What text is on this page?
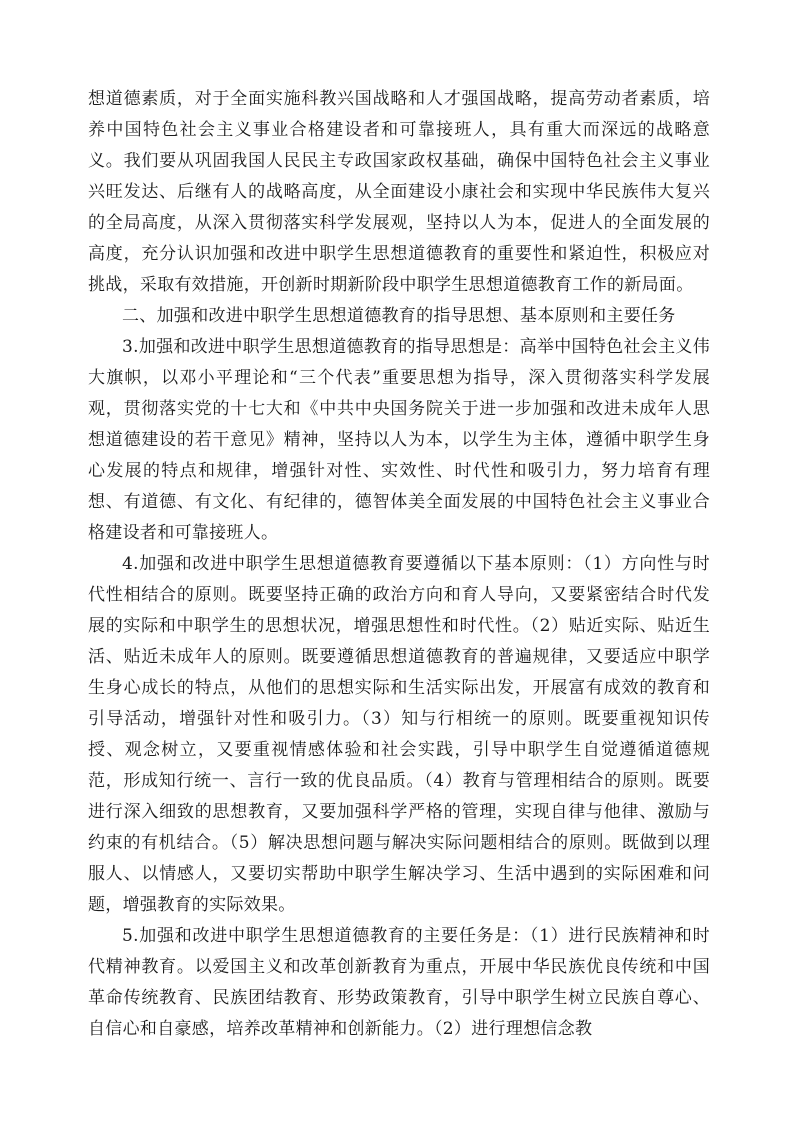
想道德素质，对于全面实施科教兴国战略和人才强国战略，提高劳动者素质，培养中国特色社会主义事业合格建设者和可靠接班人，具有重大而深远的战略意义。我们要从巩固我国人民民主专政国家政权基础，确保中国特色社会主义事业兴旺发达、后继有人的战略高度，从全面建设小康社会和实现中华民族伟大复兴的全局高度，从深入贯彻落实科学发展观，坚持以人为本，促进人的全面发展的高度，充分认识加强和改进中职学生思想道德教育的重要性和紧迫性，积极应对挑战，采取有效措施，开创新时期新阶段中职学生思想道德教育工作的新局面。

二、加强和改进中职学生思想道德教育的指导思想、基本原则和主要任务

3.加强和改进中职学生思想道德教育的指导思想是：高举中国特色社会主义伟大旗帜，以邓小平理论和“三个代表”重要思想为指导，深入贯彻落实科学发展观，贯彻落实党的十七大和《中共中央国务院关于进一步加强和改进未成年人思想道德建设的若干意见》精神，坚持以人为本，以学生为主体，遵循中职学生身心发展的特点和规律，增强针对性、实效性、时代性和吸引力，努力培育有理想、有道德、有文化、有纪律的，德智体美全面发展的中国特色社会主义事业合格建设者和可靠接班人。

4.加强和改进中职学生思想道德教育要遵循以下基本原则：（1）方向性与时代性相结合的原则。既要坚持正确的政治方向和育人导向，又要紧密结合时代发展的实际和中职学生的思想状况，增强思想性和时代性。（2）贴近实际、贴近生活、贴近未成年人的原则。既要遵循思想道德教育的普遍规律，又要适应中职学生身心成长的特点，从他们的思想实际和生活实际出发，开展富有成效的教育和引导活动，增强针对性和吸引力。（3）知与行相统一的原则。既要重视知识传授、观念树立，又要重视情感体验和社会实践，引导中职学生自觉遵循道德规范，形成知行统一、言行一致的优良品质。（4）教育与管理相结合的原则。既要进行深入细致的思想教育，又要加强科学严格的管理，实现自律与他律、激励与约束的有机结合。（5）解决思想问题与解决实际问题相结合的原则。既做到以理服人、以情感人，又要切实帮助中职学生解决学习、生活中遇到的实际困难和问题，增强教育的实际效果。

5.加强和改进中职学生思想道德教育的主要任务是：（1）进行民族精神和时代精神教育。以爱国主义和改革创新教育为重点，开展中华民族优良传统和中国革命传统教育、民族团结教育、形势政策教育，引导中职学生树立民族自尊心、自信心和自豪感，培养改革精神和创新能力。（2）进行理想信念教
